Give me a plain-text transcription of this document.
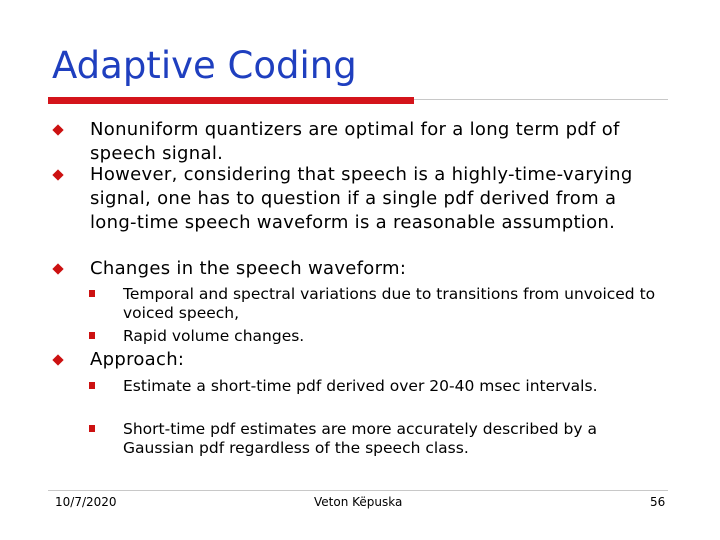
Adaptive Coding
Nonuniform quantizers are optimal for a long term pdf of speech signal.
However, considering that speech is a highly-time-varying signal, one has to question if a single pdf derived from a long-time speech waveform is a reasonable assumption.
Changes in the speech waveform:
Temporal and spectral variations due to transitions from unvoiced to voiced speech,
Rapid volume changes.
Approach:
Estimate a short-time pdf derived over 20-40 msec intervals.
Short-time pdf estimates are more accurately described by a Gaussian pdf regardless of the speech class.
10/7/2020	Veton Këpuska	56
